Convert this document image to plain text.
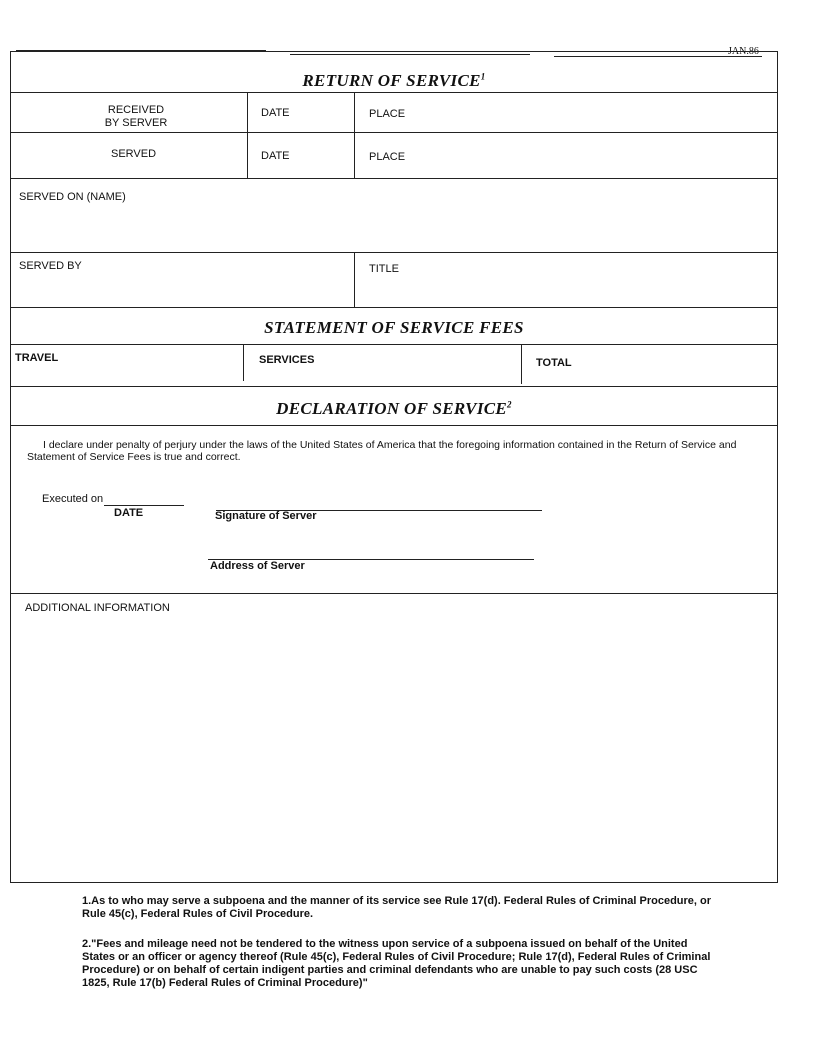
JAN.86
RETURN OF SERVICE$^1$
RECEIVED
BY SERVER
DATE	PLACE
SERVED	DATE	PLACE
SERVED ON (NAME)
SERVED BY	TITLE
STATEMENT OF SERVICE FEES
TRAVEL	SERVICES	TOTAL
DECLARATION OF SERVICE$^2$
I declare under penalty of perjury under the laws of the United States of America that the foregoing information contained in the Return of Service and
Statement of Service Fees is true and correct.
Executed on
DATE	Signature of Server
Address of Server
ADDITIONAL INFORMATION
1.As to who may serve a subpoena and the manner of its service see Rule 17(d). Federal Rules of Criminal Procedure, or
Rule 45(c), Federal Rules of Civil Procedure.
2."Fees and mileage need not be tendered to the witness upon service of a subpoena issued on behalf of the United
States or an officer or agency thereof (Rule 45(c), Federal Rules of Civil Procedure; Rule 17(d), Federal Rules of Criminal
Procedure) or on behalf of certain indigent parties and criminal defendants who are unable to pay such costs (28 USC
1825, Rule 17(b) Federal Rules of Criminal Procedure)"
